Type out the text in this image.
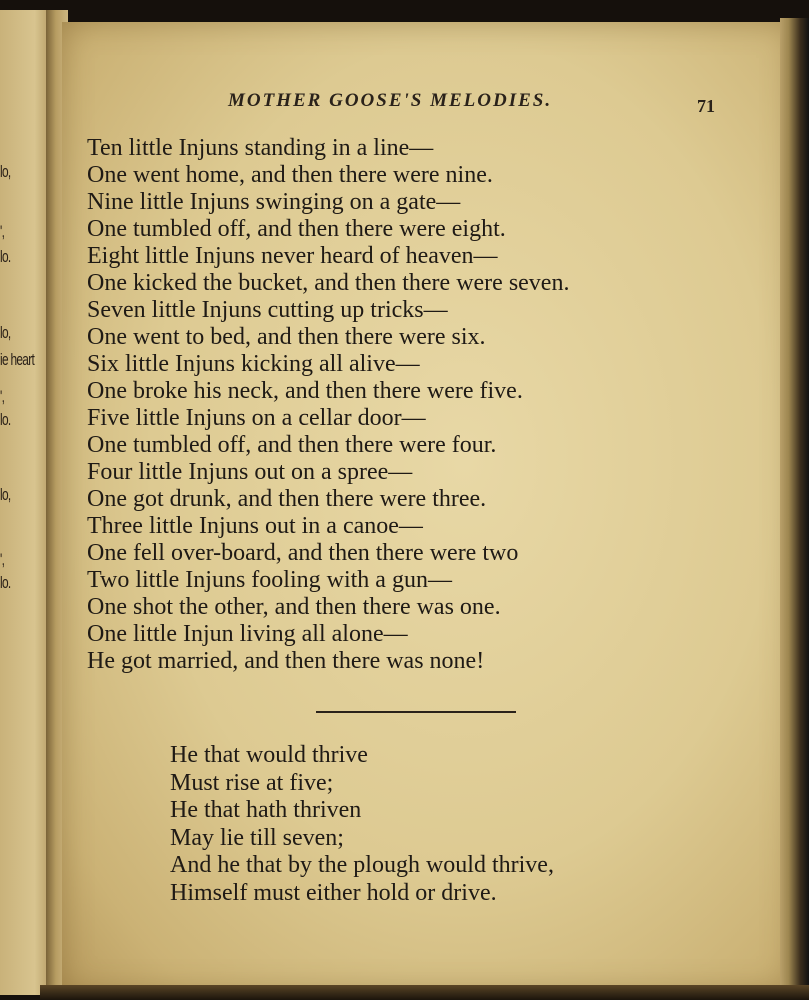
lo,
',
lo.
lo,
ie heart
',
lo.
lo,
',
lo.
MOTHER GOOSE'S MELODIES.	71
Ten little Injuns standing in a line—
One went home, and then there were nine.
Nine little Injuns swinging on a gate—
One tumbled off, and then there were eight.
Eight little Injuns never heard of heaven—
One kicked the bucket, and then there were seven.
Seven little Injuns cutting up tricks—
One went to bed, and then there were six.
Six little Injuns kicking all alive—
One broke his neck, and then there were five.
Five little Injuns on a cellar door—
One tumbled off, and then there were four.
Four little Injuns out on a spree—
One got drunk, and then there were three.
Three little Injuns out in a canoe—
One fell over-board, and then there were two
Two little Injuns fooling with a gun—
One shot the other, and then there was one.
One little Injun living all alone—
He got married, and then there was none!
He that would thrive
Must rise at five;
He that hath thriven
May lie till seven;
And he that by the plough would thrive,
Himself must either hold or drive.
